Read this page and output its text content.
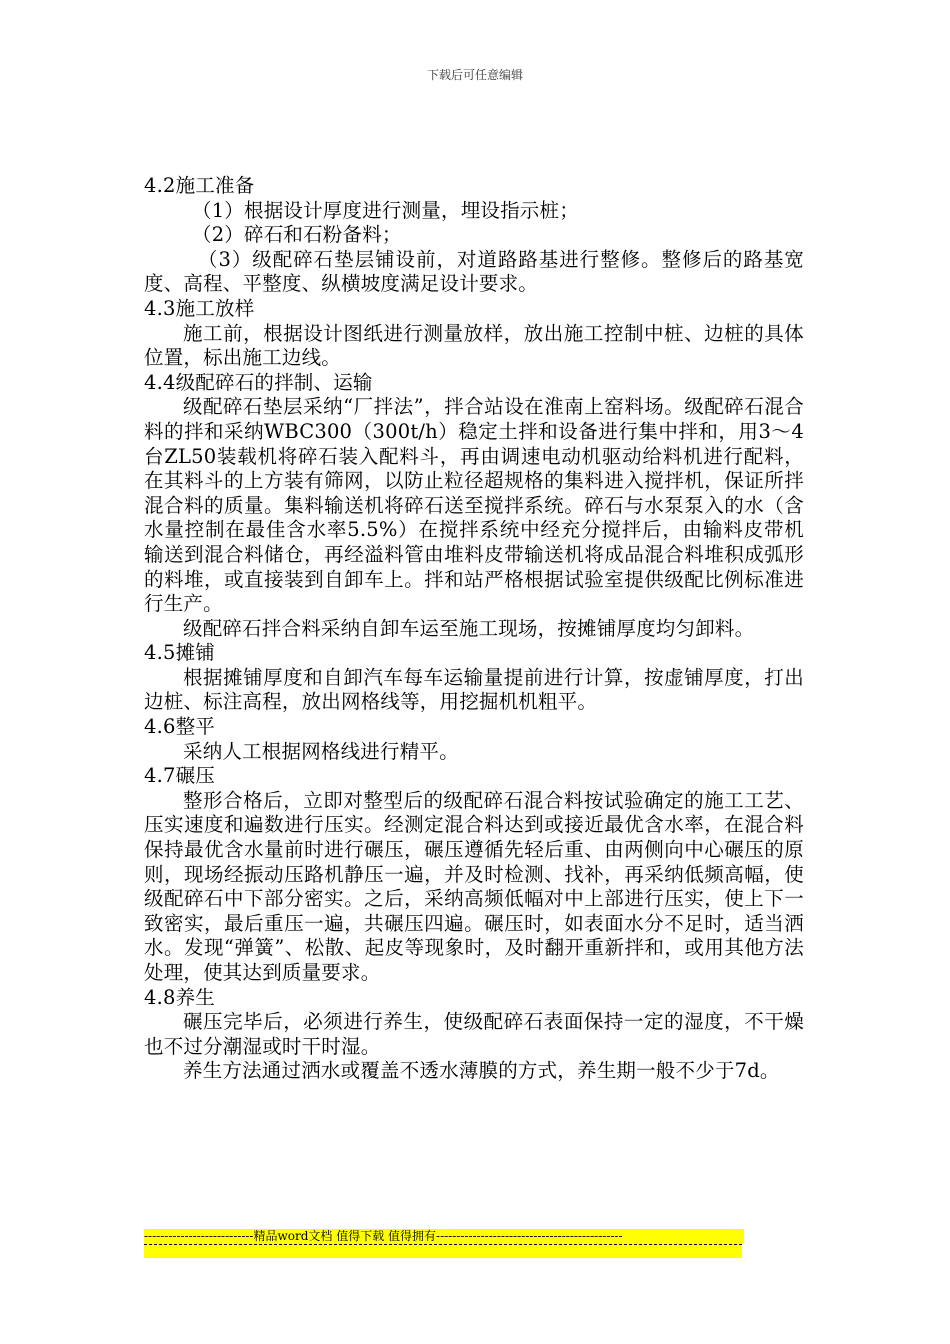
下载后可任意编辑

4.2施工准备

（1）根据设计厚度进行测量，埋设指示桩；

（2）碎石和石粉备料；

（3）级配碎石垫层铺设前，对道路路基进行整修。整修后的路基宽度、高程、平整度、纵横坡度满足设计要求。

4.3施工放样

施工前，根据设计图纸进行测量放样，放出施工控制中桩、边桩的具体位置，标出施工边线。

4.4级配碎石的拌制、运输

级配碎石垫层采纳“厂拌法”，拌合站设在淮南上窑料场。级配碎石混合料的拌和采纳WBC300（300t/h）稳定土拌和设备进行集中拌和，用3～4台ZL50装载机将碎石装入配料斗，再由调速电动机驱动给料机进行配料，在其料斗的上方装有筛网，以防止粒径超规格的集料进入搅拌机，保证所拌混合料的质量。集料输送机将碎石送至搅拌系统。碎石与水泵泵入的水（含水量控制在最佳含水率5.5%）在搅拌系统中经充分搅拌后，由输料皮带机输送到混合料储仓，再经溢料管由堆料皮带输送机将成品混合料堆积成弧形的料堆，或直接装到自卸车上。拌和站严格根据试验室提供级配比例标准进行生产。

级配碎石拌合料采纳自卸车运至施工现场，按摊铺厚度均匀卸料。

4.5摊铺

根据摊铺厚度和自卸汽车每车运输量提前进行计算，按虚铺厚度，打出边桩、标注高程，放出网格线等，用挖掘机机粗平。

4.6整平

采纳人工根据网格线进行精平。

4.7碾压

整形合格后，立即对整型后的级配碎石混合料按试验确定的施工工艺、压实速度和遍数进行压实。经测定混合料达到或接近最优含水率，在混合料保持最优含水量前时进行碾压，碾压遵循先轻后重、由两侧向中心碾压的原则，现场经振动压路机静压一遍，并及时检测、找补，再采纳低频高幅，使级配碎石中下部分密实。之后，采纳高频低幅对中上部进行压实，使上下一致密实，最后重压一遍，共碾压四遍。碾压时，如表面水分不足时，适当洒水。发现“弹簧”、松散、起皮等现象时，及时翻开重新拌和，或用其他方法处理，使其达到质量要求。

4.8养生

碾压完毕后，必须进行养生，使级配碎石表面保持一定的湿度，不干燥也不过分潮湿或时干时湿。

养生方法通过洒水或覆盖不透水薄膜的方式，养生期一般不少于7d。

---------------------------精品word文档 值得下载 值得拥有----------------------------------------------
